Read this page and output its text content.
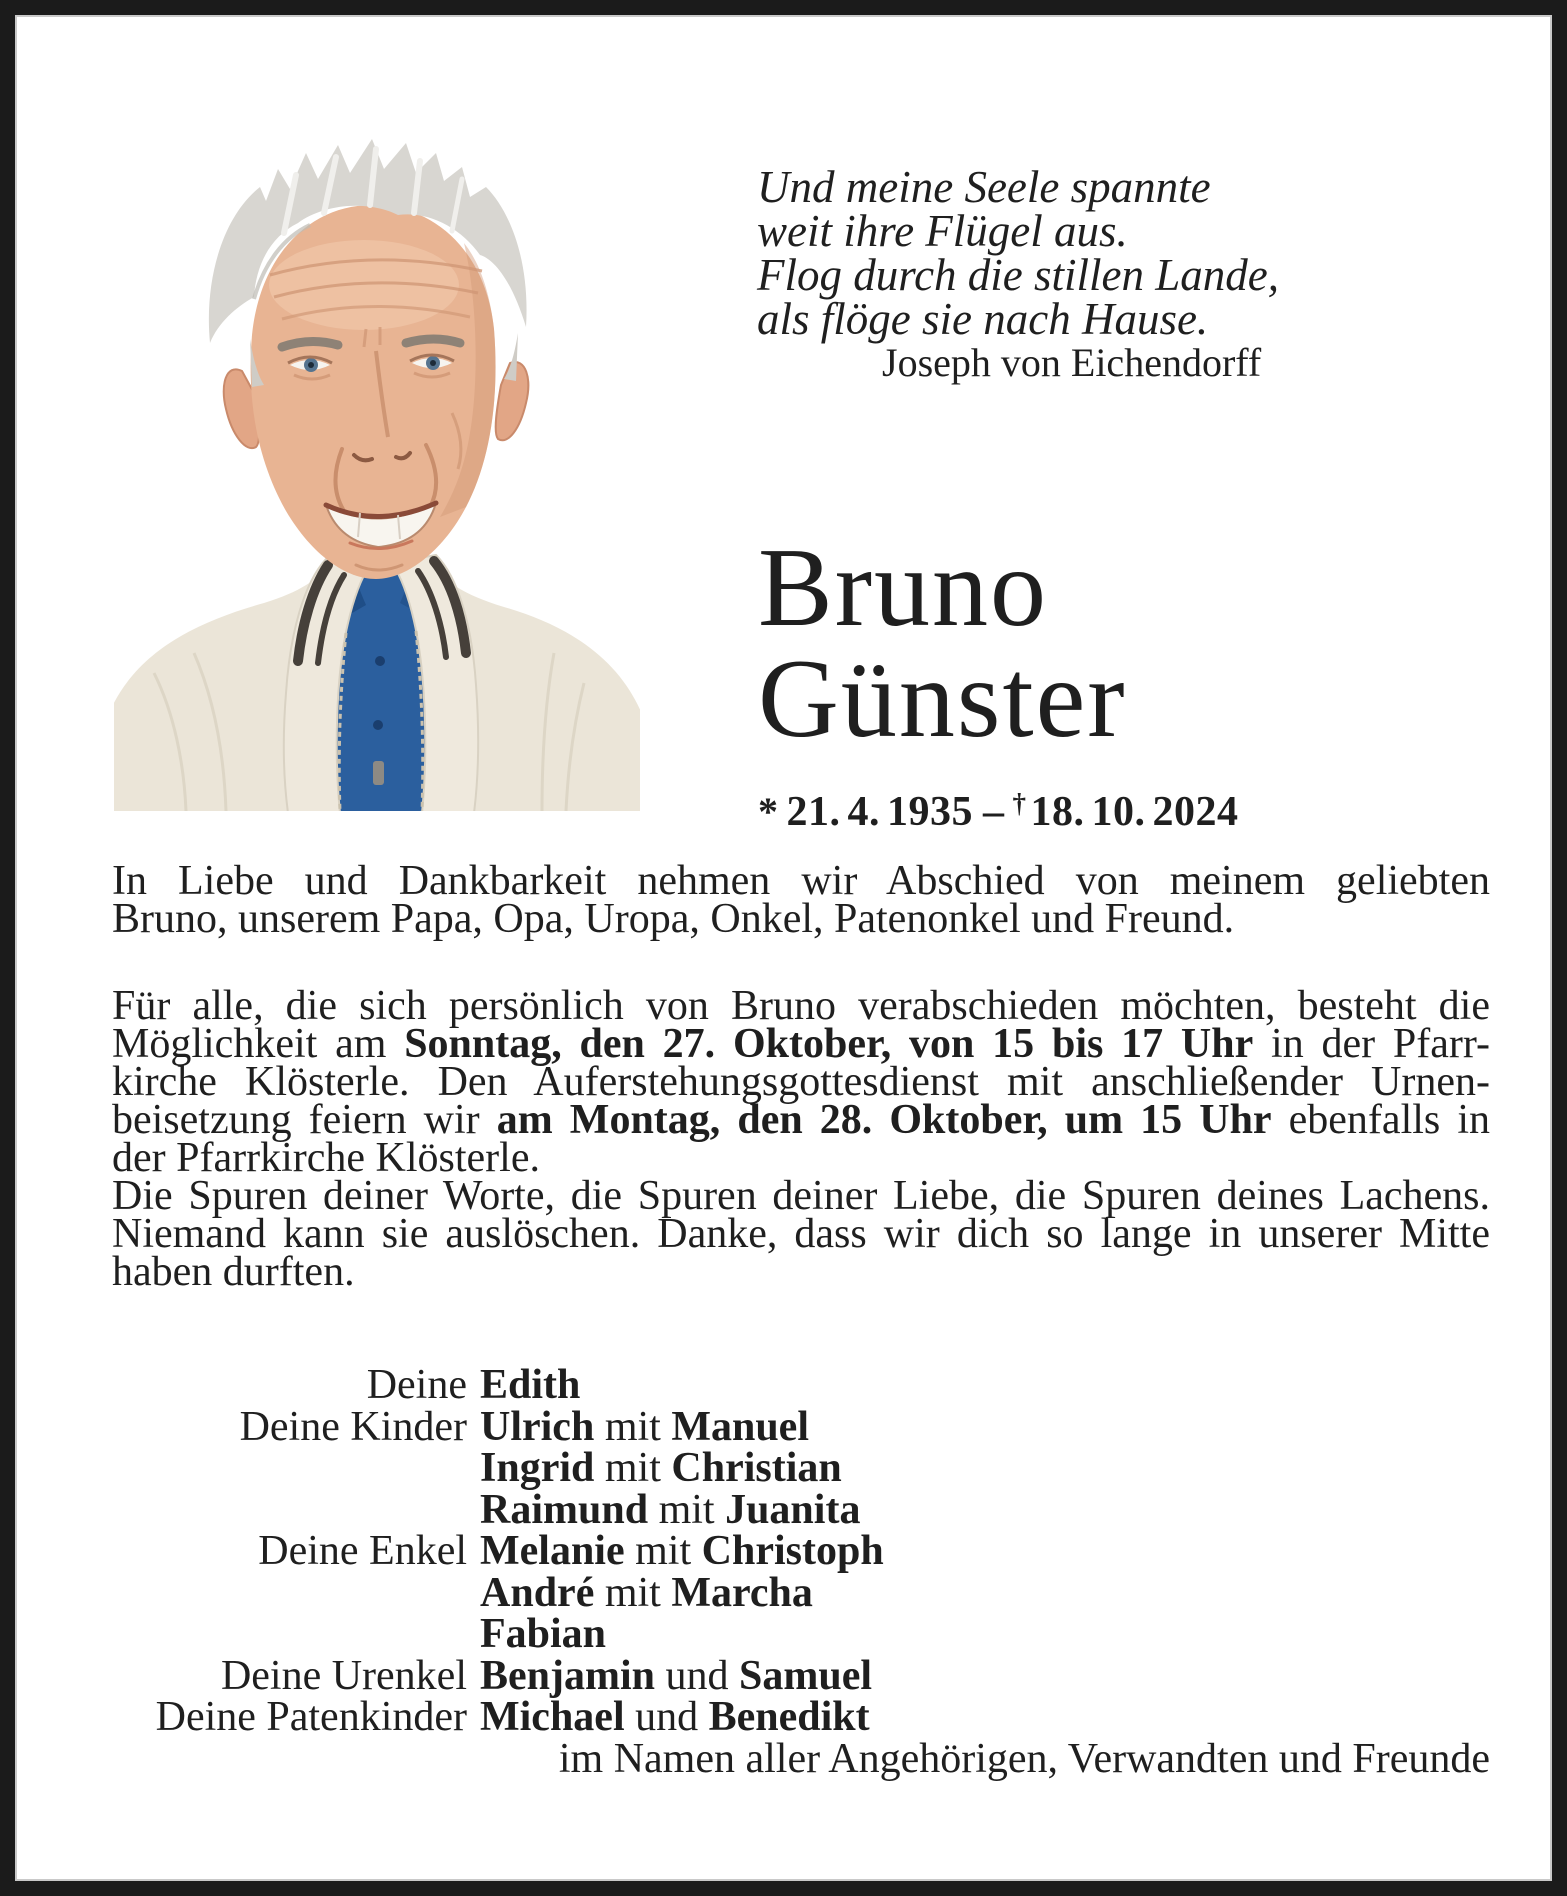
Und meine Seele spannte
weit ihre Flügel aus.
Flog durch die stillen Lande,
als flöge sie nach Hause.
Joseph von Eichendorff
Bruno
Günster
* 21. 4. 1935 – †18. 10. 2024
In Liebe und Dankbarkeit nehmen wir Abschied von meinem geliebten
Bruno, unserem Papa, Opa, Uropa, Onkel, Patenonkel und Freund.
Für alle, die sich persönlich von Bruno verabschieden möchten, besteht die
Möglichkeit am Sonntag, den 27. Oktober, von 15 bis 17 Uhr in der Pfarr-
kirche Klösterle. Den Auferstehungsgottesdienst mit anschließender Urnen-
beisetzung feiern wir am Montag, den 28. Oktober, um 15 Uhr ebenfalls in
der Pfarrkirche Klösterle.
Die Spuren deiner Worte, die Spuren deiner Liebe, die Spuren deines Lachens.
Niemand kann sie auslöschen. Danke, dass wir dich so lange in unserer Mitte
haben durften.
Deine Edith
Deine Kinder Ulrich mit Manuel
Ingrid mit Christian
Raimund mit Juanita
Deine Enkel Melanie mit Christoph
André mit Marcha
Fabian
Deine Urenkel Benjamin und Samuel
Deine Patenkinder Michael und Benedikt
im Namen aller Angehörigen, Verwandten und Freunde
